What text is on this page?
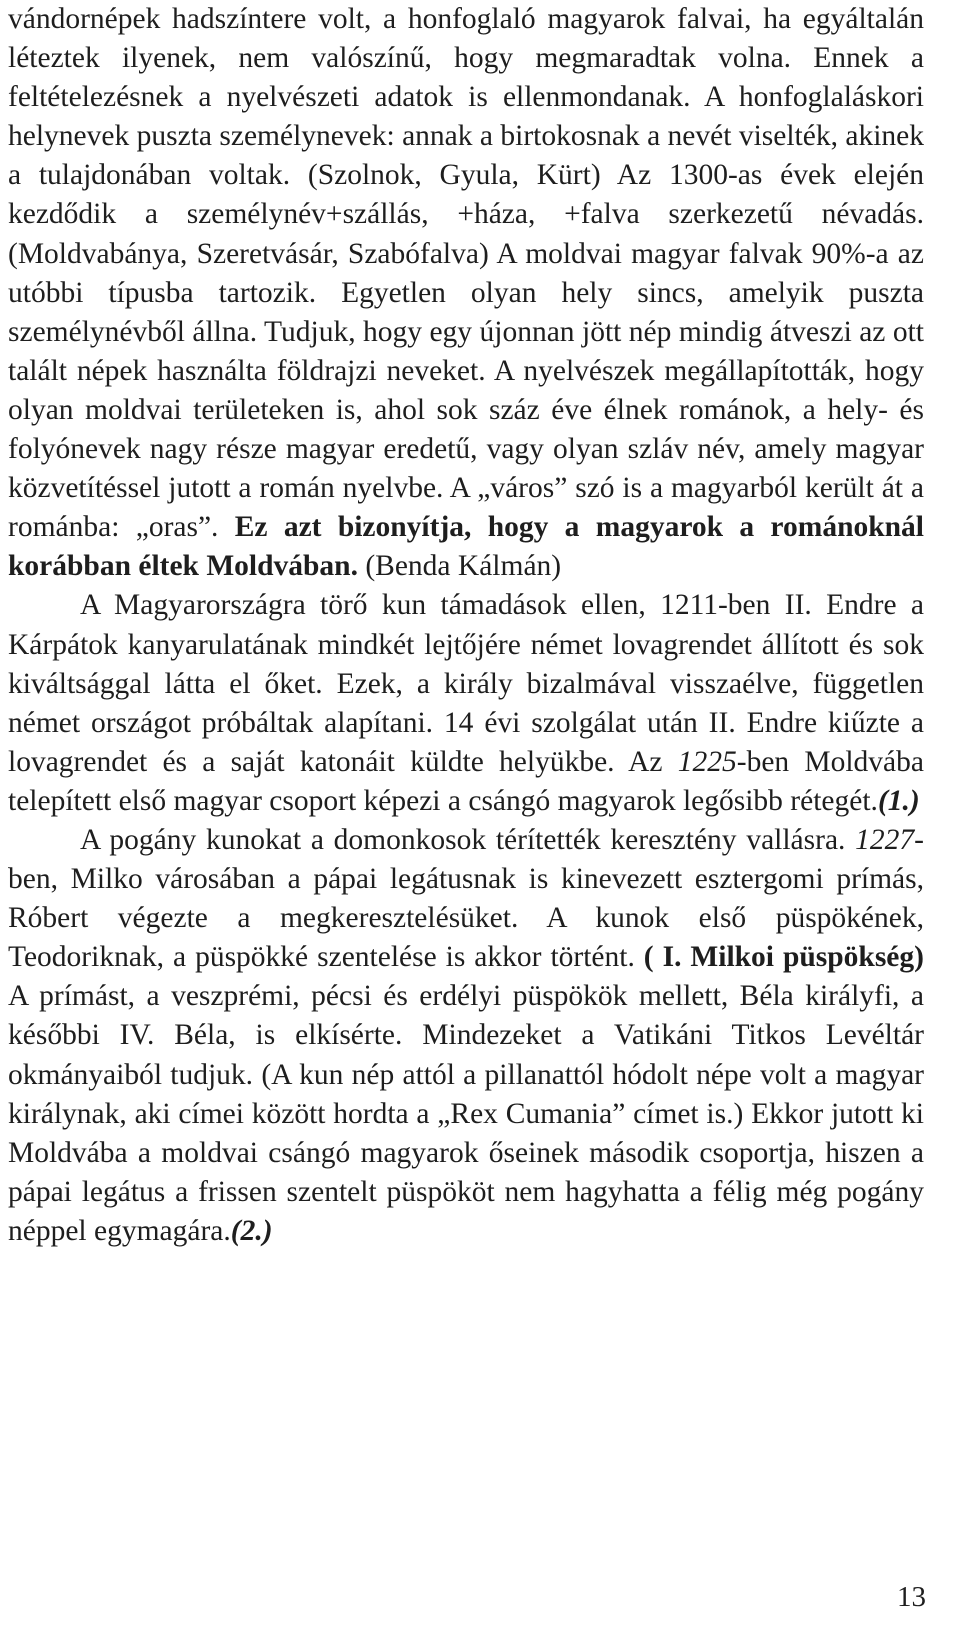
vándornépek hadszíntere volt, a honfoglaló magyarok falvai, ha egyáltalán léteztek ilyenek, nem valószínű, hogy megmaradtak volna. Ennek a feltételezésnek a nyelvészeti adatok is ellenmondanak. A honfoglaláskori helynevek puszta személynevek: annak a birtokosnak a nevét viselték, akinek a tulajdonában voltak. (Szolnok, Gyula, Kürt) Az 1300-as évek elején kezdődik a személynév+szállás, +háza, +falva szerkezetű névadás. (Moldvabánya, Szeretvásár, Szabófalva) A moldvai magyar falvak 90%-a az utóbbi típusba tartozik. Egyetlen olyan hely sincs, amelyik puszta személynévből állna. Tudjuk, hogy egy újonnan jött nép mindig átveszi az ott talált népek használta földrajzi neveket. A nyelvészek megállapították, hogy olyan moldvai területeken is, ahol sok száz éve élnek románok, a hely- és folyónevek nagy része magyar eredetű, vagy olyan szláv név, amely magyar közvetítéssel jutott a román nyelvbe. A „város” szó is a magyarból került át a románba: „oras”. Ez azt bizonyítja, hogy a magyarok a románoknál korábban éltek Moldvában. (Benda Kálmán)

A Magyarországra törő kun támadások ellen, 1211-ben II. Endre a Kárpátok kanyarulatának mindkét lejtőjére német lovagrendet állított és sok kiváltsággal látta el őket. Ezek, a király bizalmával visszaélve, független német országot próbáltak alapítani. 14 évi szolgálat után II. Endre kiűzte a lovagrendet és a saját katonáit küldte helyükbe. Az 1225-ben Moldvába telepített első magyar csoport képezi a csángó magyarok legősibb rétegét.(1.)

A pogány kunokat a domonkosok térítették keresztény vallásra. 1227-ben, Milko városában a pápai legátusnak is kinevezett esztergomi prímás, Róbert végezte a megkeresztelésüket. A kunok első püspökének, Teodoriknak, a püspökké szentelése is akkor történt. ( I. Milkoi püspökség) A prímást, a veszprémi, pécsi és erdélyi püspökök mellett, Béla királyfi, a későbbi IV. Béla, is elkísérte. Mindezeket a Vatikáni Titkos Levéltár okmányaiból tudjuk. (A kun nép attól a pillanattól hódolt népe volt a magyar királynak, aki címei között hordta a „Rex Cumania” címet is.) Ekkor jutott ki Moldvába a moldvai csángó magyarok őseinek második csoportja, hiszen a pápai legátus a frissen szentelt püspököt nem hagyhatta a félig még pogány néppel egymagára.(2.)

13
